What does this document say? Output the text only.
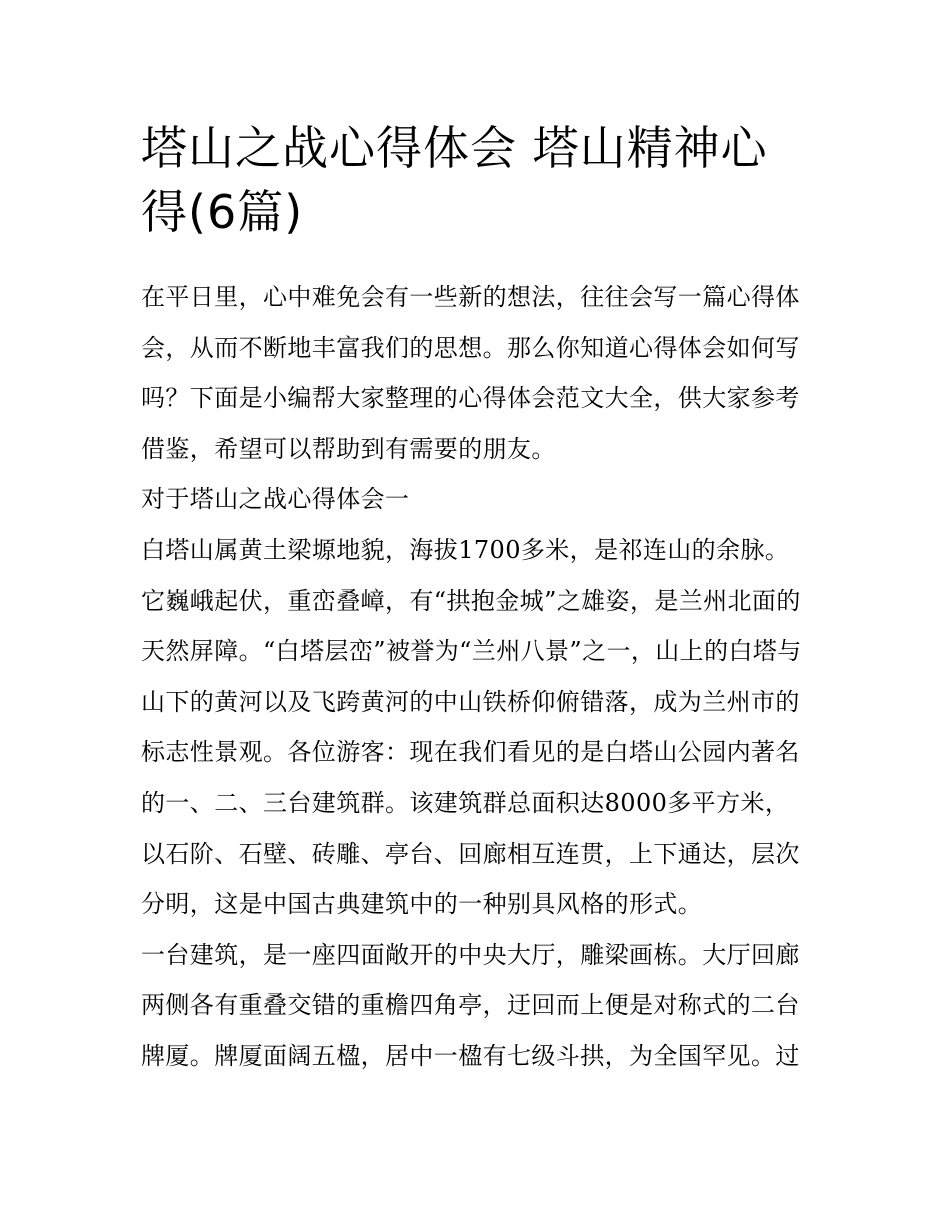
塔山之战心得体会 塔山精神心
得(6篇)
在平日里，心中难免会有一些新的想法，往往会写一篇心得体
会，从而不断地丰富我们的思想。那么你知道心得体会如何写
吗？下面是小编帮大家整理的心得体会范文大全，供大家参考
借鉴，希望可以帮助到有需要的朋友。
对于塔山之战心得体会一
白塔山属黄土梁塬地貌，海拔1700多米，是祁连山的余脉。
它巍峨起伏，重峦叠嶂，有“拱抱金城”之雄姿，是兰州北面的
天然屏障。“白塔层峦”被誉为“兰州八景”之一，山上的白塔与
山下的黄河以及飞跨黄河的中山铁桥仰俯错落，成为兰州市的
标志性景观。各位游客：现在我们看见的是白塔山公园内著名
的一、二、三台建筑群。该建筑群总面积达8000多平方米，
以石阶、石壁、砖雕、亭台、回廊相互连贯，上下通达，层次
分明，这是中国古典建筑中的一种别具风格的形式。
一台建筑，是一座四面敞开的中央大厅，雕梁画栋。大厅回廊
两侧各有重叠交错的重檐四角亭，迂回而上便是对称式的二台
牌厦。牌厦面阔五楹，居中一楹有七级斗拱，为全国罕见。过
